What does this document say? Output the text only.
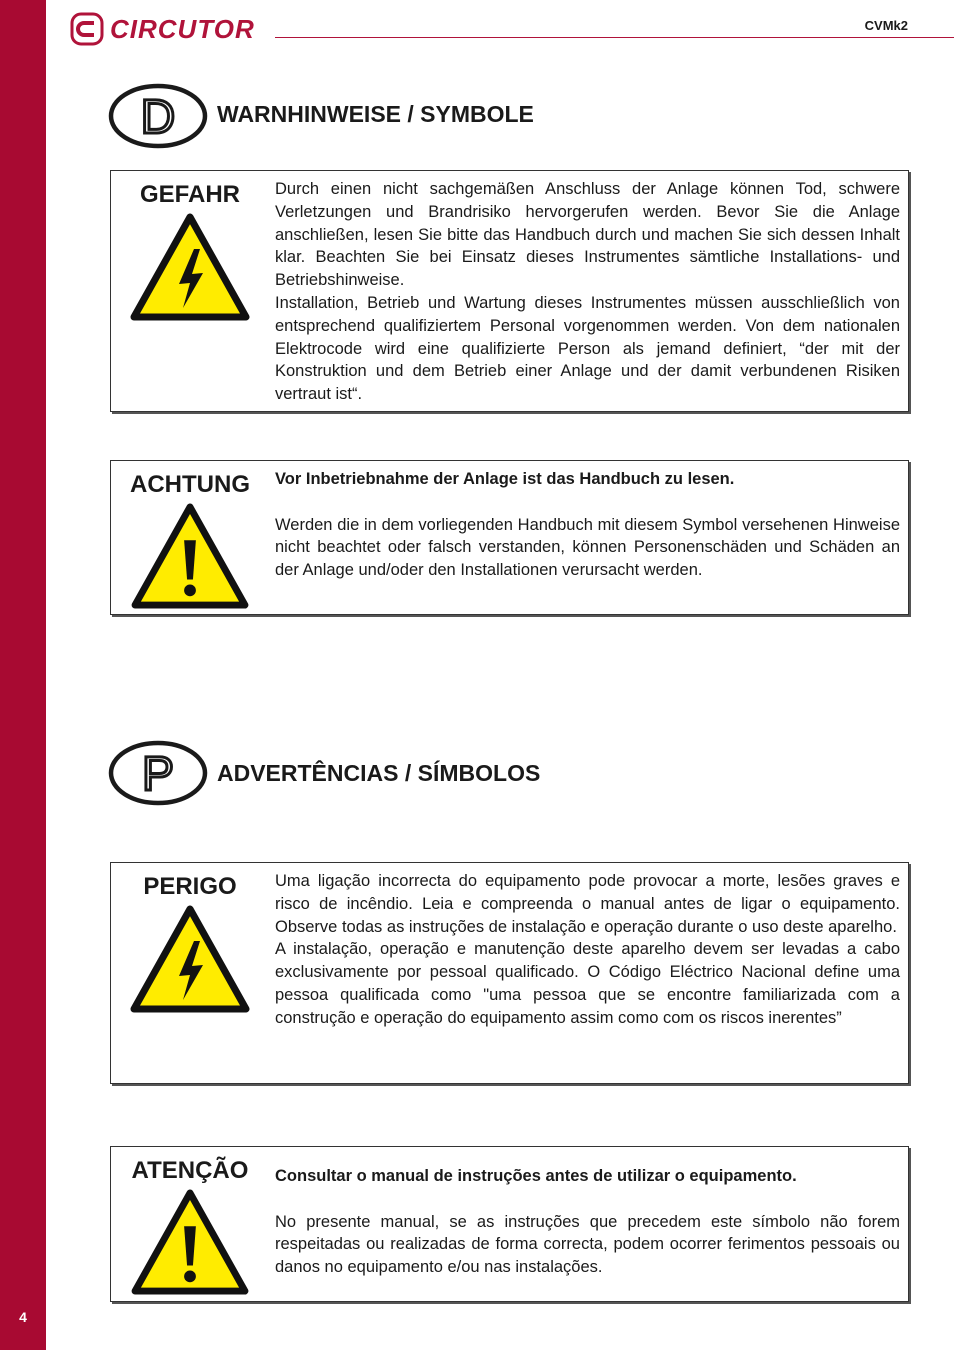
4
CIRCUTOR	CVMk2
D WARNHINWEISE / SYMBOLE
GEFAHR	Durch einen nicht sachgemäßen Anschluss der Anlage können Tod, schwere Verletzungen und Brandrisiko hervorgerufen werden. Bevor Sie die Anlage anschließen, lesen Sie bitte das Handbuch durch und machen Sie sich dessen Inhalt klar. Beachten Sie bei Einsatz dieses Instrumentes sämtliche Installations- und Betriebshinweise.

Installation, Betrieb und Wartung dieses Instrumentes müssen ausschließlich von entsprechend qualifiziertem Personal vorgenommen werden. Von dem nationalen Elektrocode wird eine qualifizierte Person als jemand definiert, “der mit der Konstruktion und dem Betrieb einer Anlage und der damit verbundenen Risiken vertraut ist“.

ACHTUNG	Vor Inbetriebnahme der Anlage ist das Handbuch zu lesen.

Werden die in dem vorliegenden Handbuch mit diesem Symbol versehenen Hinweise nicht beachtet oder falsch verstanden, können Personenschäden und Schäden an der Anlage und/oder den Installationen verursacht werden.

P ADVERTÊNCIAS / SÍMBOLOS
PERIGO	Uma ligação incorrecta do equipamento pode provocar a morte, lesões graves e risco de incêndio. Leia e compreenda o manual antes de ligar o equipamento. Observe todas as instruções de instalação e operação durante o uso deste aparelho.

A instalação, operação e manutenção deste aparelho devem ser levadas a cabo exclusivamente por pessoal qualificado. O Código Eléctrico Nacional define uma pessoa qualificada como "uma pessoa que se encontre familiarizada com a construção e operação do equipamento assim como com os riscos inerentes”

ATENÇÃO	Consultar o manual de instruções antes de utilizar o equipamento.

No presente manual, se as instruções que precedem este símbolo não forem respeitadas ou realizadas de forma correcta, podem ocorrer ferimentos pessoais ou danos no equipamento e/ou nas instalações.
